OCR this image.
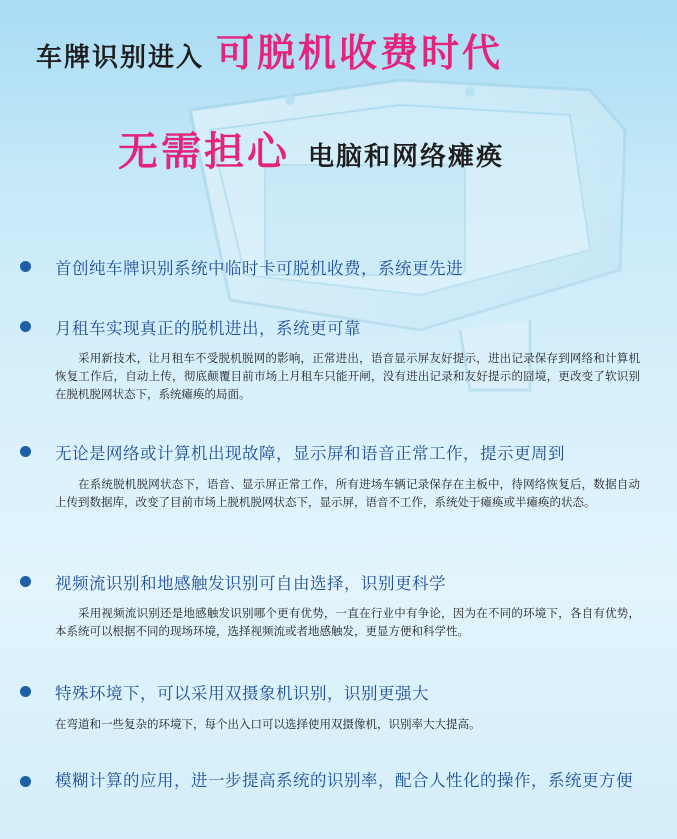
车牌识别进入 可脱机收费时代
无需担心 电脑和网络瘫痪
首创纯车牌识别系统中临时卡可脱机收费，系统更先进
月租车实现真正的脱机进出，系统更可靠
采用新技术，让月租车不受脱机脱网的影响，正常进出，语音显示屏友好提示，进出记录保存到网络和计算机恢复工作后，自动上传，彻底颠覆目前市场上月租车只能开闸，没有进出记录和友好提示的囧境，更改变了软识别在脱机脱网状态下，系统瘫痪的局面。
无论是网络或计算机出现故障，显示屏和语音正常工作，提示更周到
在系统脱机脱网状态下，语音、显示屏正常工作，所有进场车辆记录保存在主板中，待网络恢复后，数据自动上传到数据库，改变了目前市场上脱机脱网状态下，显示屏，语音不工作，系统处于瘫痪或半瘫痪的状态。
视频流识别和地感触发识别可自由选择，识别更科学
采用视频流识别还是地感触发识别哪个更有优势，一直在行业中有争论，因为在不同的环境下，各自有优势，本系统可以根据不同的现场环境，选择视频流或者地感触发，更显方便和科学性。
特殊环境下，可以采用双摄象机识别，识别更强大
在弯道和一些复杂的环境下，每个出入口可以选择使用双摄像机，识别率大大提高。
模糊计算的应用，进一步提高系统的识别率，配合人性化的操作，系统更方便
